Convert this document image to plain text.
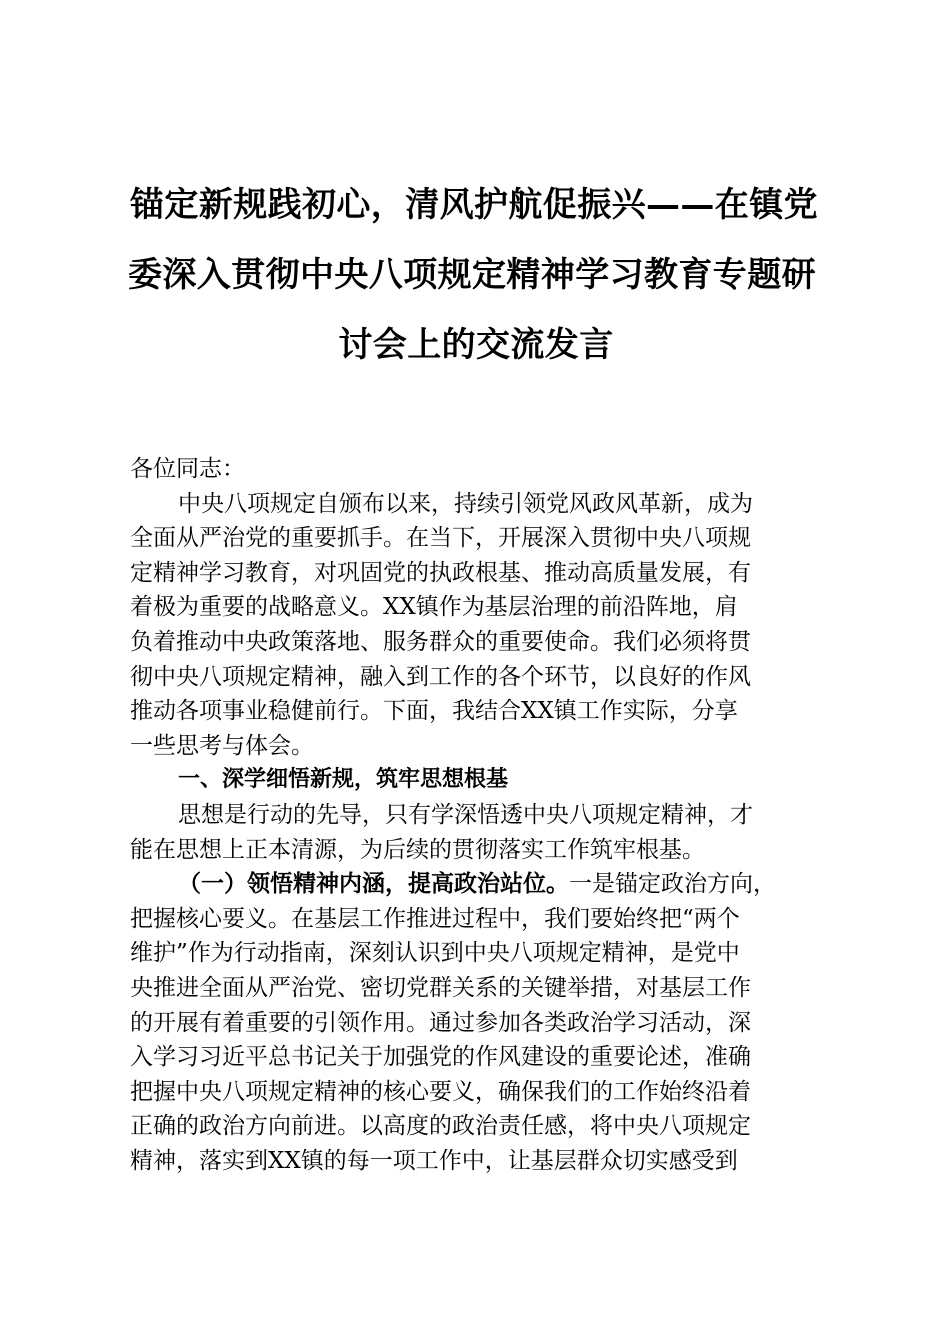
锚定新规践初心，清风护航促振兴——在镇党
委深入贯彻中央八项规定精神学习教育专题研
讨会上的交流发言
各位同志：
中央八项规定自颁布以来，持续引领党风政风革新，成为
全面从严治党的重要抓手。在当下，开展深入贯彻中央八项规
定精神学习教育，对巩固党的执政根基、推动高质量发展，有
着极为重要的战略意义。XX镇作为基层治理的前沿阵地，肩
负着推动中央政策落地、服务群众的重要使命。我们必须将贯
彻中央八项规定精神，融入到工作的各个环节，以良好的作风
推动各项事业稳健前行。下面，我结合XX镇工作实际，分享
一些思考与体会。
一、深学细悟新规，筑牢思想根基
思想是行动的先导，只有学深悟透中央八项规定精神，才
能在思想上正本清源，为后续的贯彻落实工作筑牢根基。
（一）领悟精神内涵，提高政治站位。一是锚定政治方向，
把握核心要义。在基层工作推进过程中，我们要始终把“两个
维护”作为行动指南，深刻认识到中央八项规定精神，是党中
央推进全面从严治党、密切党群关系的关键举措，对基层工作
的开展有着重要的引领作用。通过参加各类政治学习活动，深
入学习习近平总书记关于加强党的作风建设的重要论述，准确
把握中央八项规定精神的核心要义，确保我们的工作始终沿着
正确的政治方向前进。以高度的政治责任感，将中央八项规定
精神，落实到XX镇的每一项工作中，让基层群众切实感受到
